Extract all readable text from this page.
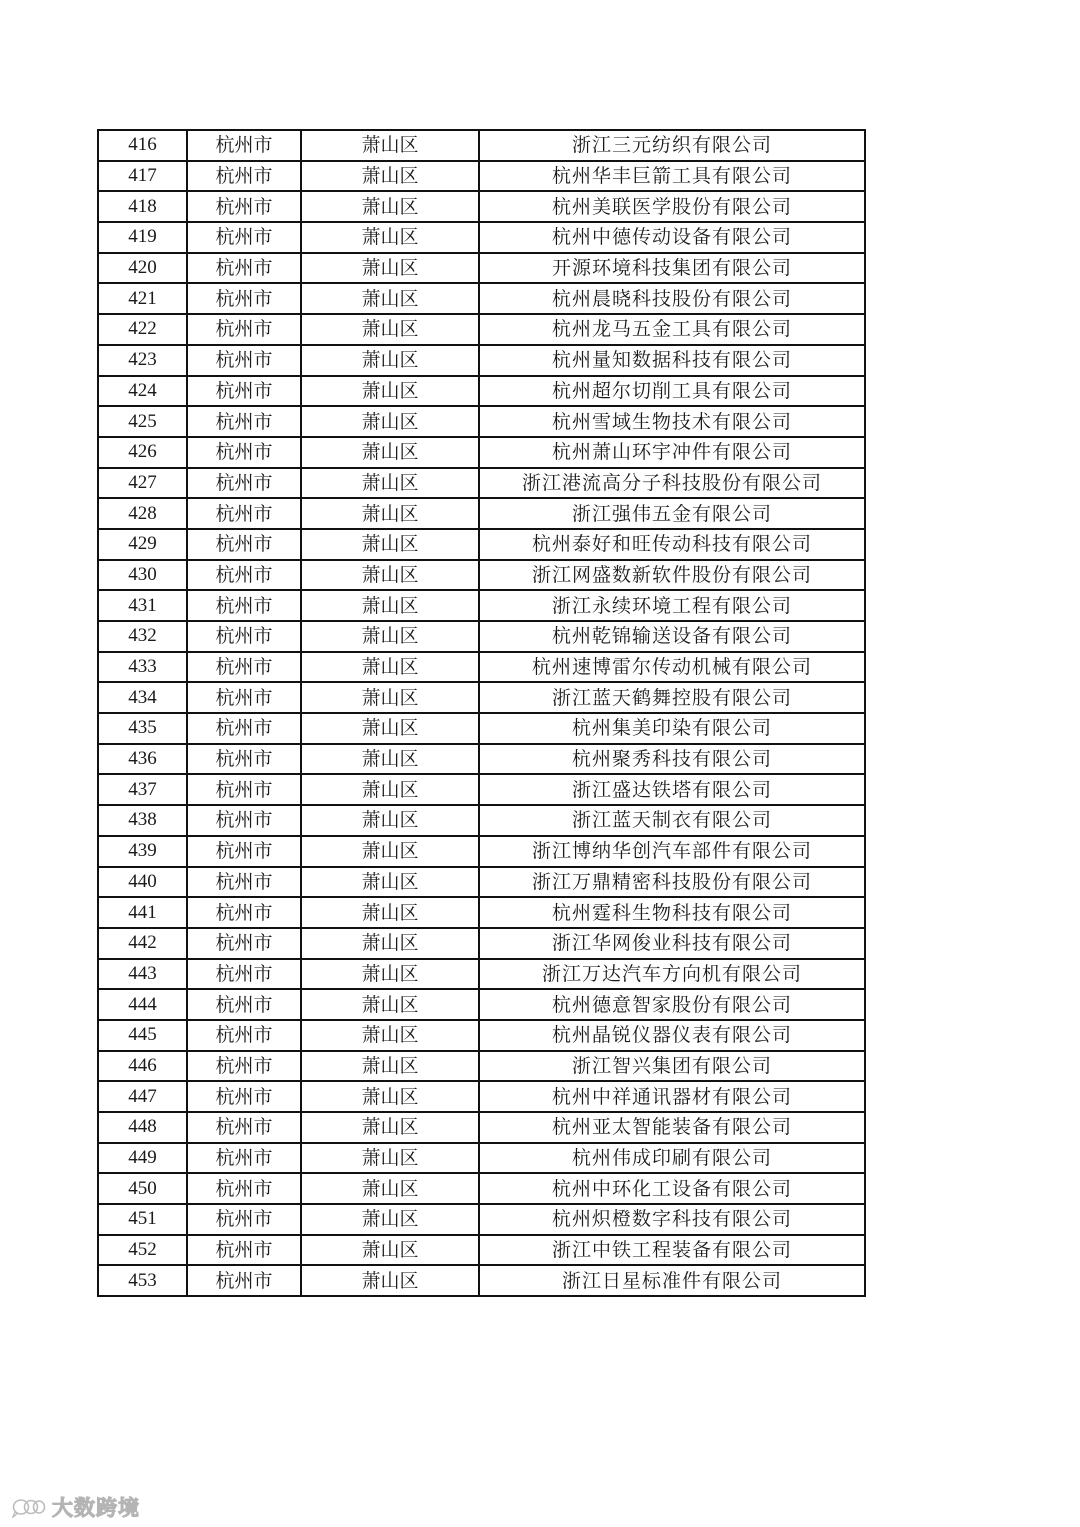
416	杭州市	萧山区	浙江三元纺织有限公司
417	杭州市	萧山区	杭州华丰巨箭工具有限公司
418	杭州市	萧山区	杭州美联医学股份有限公司
419	杭州市	萧山区	杭州中德传动设备有限公司
420	杭州市	萧山区	开源环境科技集团有限公司
421	杭州市	萧山区	杭州晨晓科技股份有限公司
422	杭州市	萧山区	杭州龙马五金工具有限公司
423	杭州市	萧山区	杭州量知数据科技有限公司
424	杭州市	萧山区	杭州超尔切削工具有限公司
425	杭州市	萧山区	杭州雪域生物技术有限公司
426	杭州市	萧山区	杭州萧山环宇冲件有限公司
427	杭州市	萧山区	浙江港流高分子科技股份有限公司
428	杭州市	萧山区	浙江强伟五金有限公司
429	杭州市	萧山区	杭州泰好和旺传动科技有限公司
430	杭州市	萧山区	浙江网盛数新软件股份有限公司
431	杭州市	萧山区	浙江永续环境工程有限公司
432	杭州市	萧山区	杭州乾锦输送设备有限公司
433	杭州市	萧山区	杭州速博雷尔传动机械有限公司
434	杭州市	萧山区	浙江蓝天鹤舞控股有限公司
435	杭州市	萧山区	杭州集美印染有限公司
436	杭州市	萧山区	杭州聚秀科技有限公司
437	杭州市	萧山区	浙江盛达铁塔有限公司
438	杭州市	萧山区	浙江蓝天制衣有限公司
439	杭州市	萧山区	浙江博纳华创汽车部件有限公司
440	杭州市	萧山区	浙江万鼎精密科技股份有限公司
441	杭州市	萧山区	杭州霆科生物科技有限公司
442	杭州市	萧山区	浙江华网俊业科技有限公司
443	杭州市	萧山区	浙江万达汽车方向机有限公司
444	杭州市	萧山区	杭州德意智家股份有限公司
445	杭州市	萧山区	杭州晶锐仪器仪表有限公司
446	杭州市	萧山区	浙江智兴集团有限公司
447	杭州市	萧山区	杭州中祥通讯器材有限公司
448	杭州市	萧山区	杭州亚太智能装备有限公司
449	杭州市	萧山区	杭州伟成印刷有限公司
450	杭州市	萧山区	杭州中环化工设备有限公司
451	杭州市	萧山区	杭州炽橙数字科技有限公司
452	杭州市	萧山区	浙江中铁工程装备有限公司
453	杭州市	萧山区	浙江日星标准件有限公司
大数跨境
